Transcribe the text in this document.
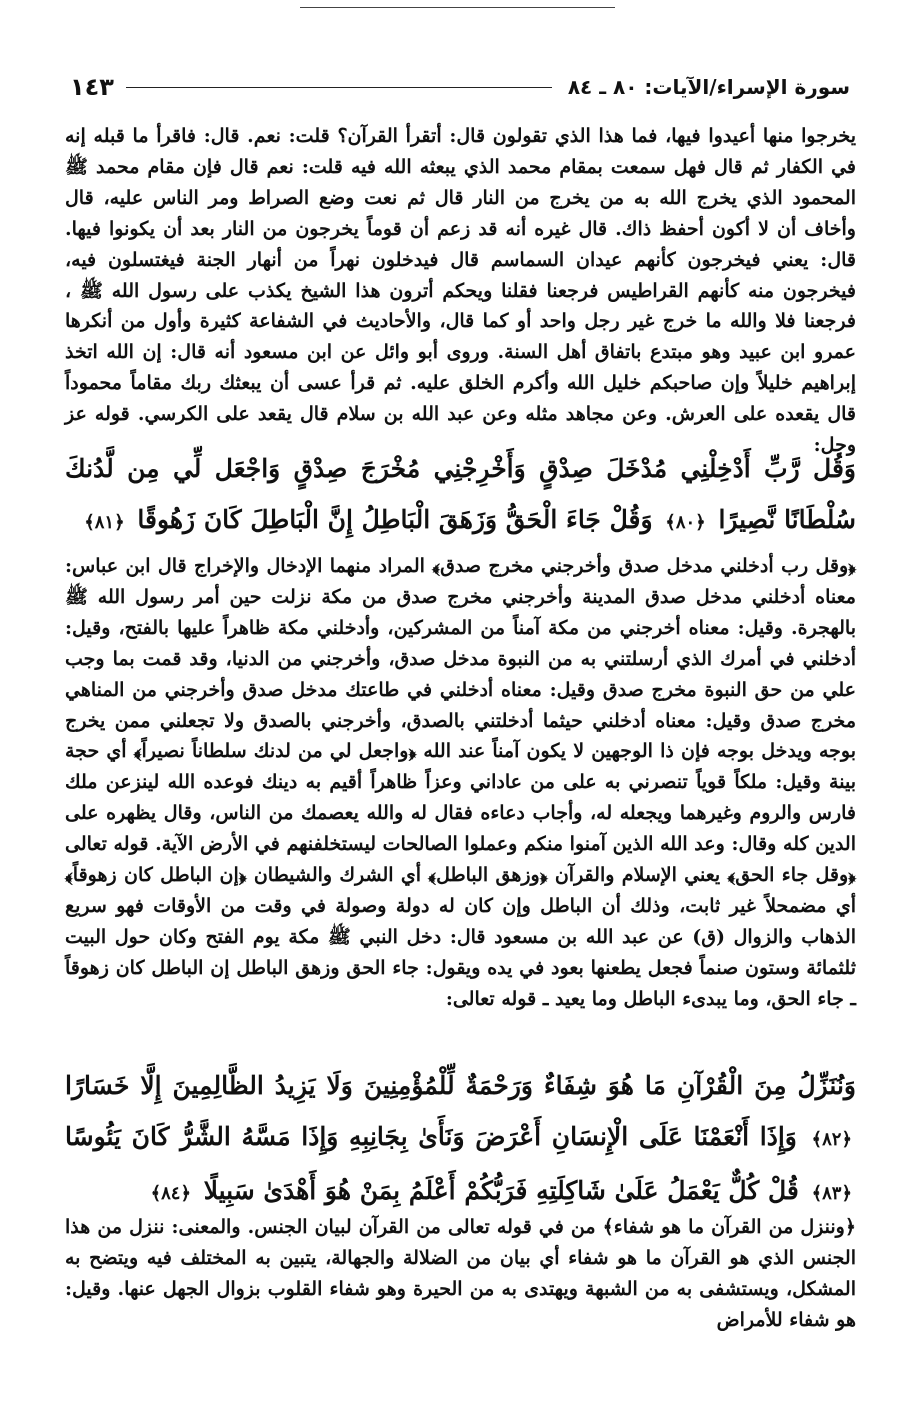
سورة الإسراء/الآيات: ٨٠ ـ ٨٤
١٤٣

يخرجوا منها أعيدوا فيها، فما هذا الذي تقولون قال: أتقرأ القرآن؟ قلت: نعم. قال: فاقرأ ما قبله إنه في الكفار ثم قال فهل سمعت بمقام محمد الذي يبعثه الله فيه قلت: نعم قال فإن مقام محمد ﷺ المحمود الذي يخرج الله به من يخرج من النار قال ثم نعت وضع الصراط ومر الناس عليه، قال وأخاف أن لا أكون أحفظ ذاك. قال غيره أنه قد زعم أن قوماً يخرجون من النار بعد أن يكونوا فيها. قال: يعني فيخرجون كأنهم عيدان السماسم قال فيدخلون نهراً من أنهار الجنة فيغتسلون فيه، فيخرجون منه كأنهم القراطيس فرجعنا فقلنا ويحكم أترون هذا الشيخ يكذب على رسول الله ﷺ ، فرجعنا فلا والله ما خرج غير رجل واحد أو كما قال، والأحاديث في الشفاعة كثيرة وأول من أنكرها عمرو ابن عبيد وهو مبتدع باتفاق أهل السنة. وروى أبو وائل عن ابن مسعود أنه قال: إن الله اتخذ إبراهيم خليلاً وإن صاحبكم خليل الله وأكرم الخلق عليه. ثم قرأ عسى أن يبعثك ربك مقاماً محموداً قال يقعده على العرش. وعن مجاهد مثله وعن عبد الله بن سلام قال يقعد على الكرسي. قوله عز وجل:

وَقُل رَّبِّ أَدْخِلْنِي مُدْخَلَ صِدْقٍ وَأَخْرِجْنِي مُخْرَجَ صِدْقٍ وَاجْعَل لِّي مِن لَّدُنكَ سُلْطَانًا نَّصِيرًا ﴿٨٠﴾ وَقُلْ جَاءَ الْحَقُّ وَزَهَقَ الْبَاطِلُ إِنَّ الْبَاطِلَ كَانَ زَهُوقًا ﴿٨١﴾

﴿وقل رب أدخلني مدخل صدق وأخرجني مخرج صدق﴾ المراد منهما الإدخال والإخراج قال ابن عباس: معناه أدخلني مدخل صدق المدينة وأخرجني مخرج صدق من مكة نزلت حين أمر رسول الله ﷺ بالهجرة. وقيل: معناه أخرجني من مكة آمناً من المشركين، وأدخلني مكة ظاهراً عليها بالفتح، وقيل: أدخلني في أمرك الذي أرسلتني به من النبوة مدخل صدق، وأخرجني من الدنيا، وقد قمت بما وجب علي من حق النبوة مخرج صدق وقيل: معناه أدخلني في طاعتك مدخل صدق وأخرجني من المناهي مخرج صدق وقيل: معناه أدخلني حيثما أدخلتني بالصدق، وأخرجني بالصدق ولا تجعلني ممن يخرج بوجه ويدخل بوجه فإن ذا الوجهين لا يكون آمناً عند الله ﴿واجعل لي من لدنك سلطاناً نصيراً﴾ أي حجة بينة وقيل: ملكاً قوياً تنصرني به على من عاداني وعزاً ظاهراً أقيم به دينك فوعده الله لينزعن ملك فارس والروم وغيرهما ويجعله له، وأجاب دعاءه فقال له والله يعصمك من الناس، وقال يظهره على الدين كله وقال: وعد الله الذين آمنوا منكم وعملوا الصالحات ليستخلفنهم في الأرض الآية. قوله تعالى ﴿وقل جاء الحق﴾ يعني الإسلام والقرآن ﴿وزهق الباطل﴾ أي الشرك والشيطان ﴿إن الباطل كان زهوقاً﴾ أي مضمحلاً غير ثابت، وذلك أن الباطل وإن كان له دولة وصولة في وقت من الأوقات فهو سريع الذهاب والزوال (ق) عن عبد الله بن مسعود قال: دخل النبي ﷺ مكة يوم الفتح وكان حول البيت ثلثمائة وستون صنماً فجعل يطعنها بعود في يده ويقول: جاء الحق وزهق الباطل إن الباطل كان زهوقاً ـ جاء الحق، وما يبدىء الباطل وما يعيد ـ قوله تعالى:

وَنُنَزِّلُ مِنَ الْقُرْآنِ مَا هُوَ شِفَاءٌ وَرَحْمَةٌ لِّلْمُؤْمِنِينَ وَلَا يَزِيدُ الظَّالِمِينَ إِلَّا خَسَارًا ﴿٨٢﴾ وَإِذَا أَنْعَمْنَا عَلَى الْإِنسَانِ أَعْرَضَ وَنَأَىٰ بِجَانِبِهِ وَإِذَا مَسَّهُ الشَّرُّ كَانَ يَئُوسًا ﴿٨٣﴾ قُلْ كُلٌّ يَعْمَلُ عَلَىٰ شَاكِلَتِهِ فَرَبُّكُمْ أَعْلَمُ بِمَنْ هُوَ أَهْدَىٰ سَبِيلًا ﴿٨٤﴾

﴿وننزل من القرآن ما هو شفاء﴾ من في قوله تعالى من القرآن لبيان الجنس. والمعنى: ننزل من هذا الجنس الذي هو القرآن ما هو شفاء أي بيان من الضلالة والجهالة، يتبين به المختلف فيه ويتضح به المشكل، ويستشفى به من الشبهة ويهتدى به من الحيرة وهو شفاء القلوب بزوال الجهل عنها. وقيل: هو شفاء للأمراض
